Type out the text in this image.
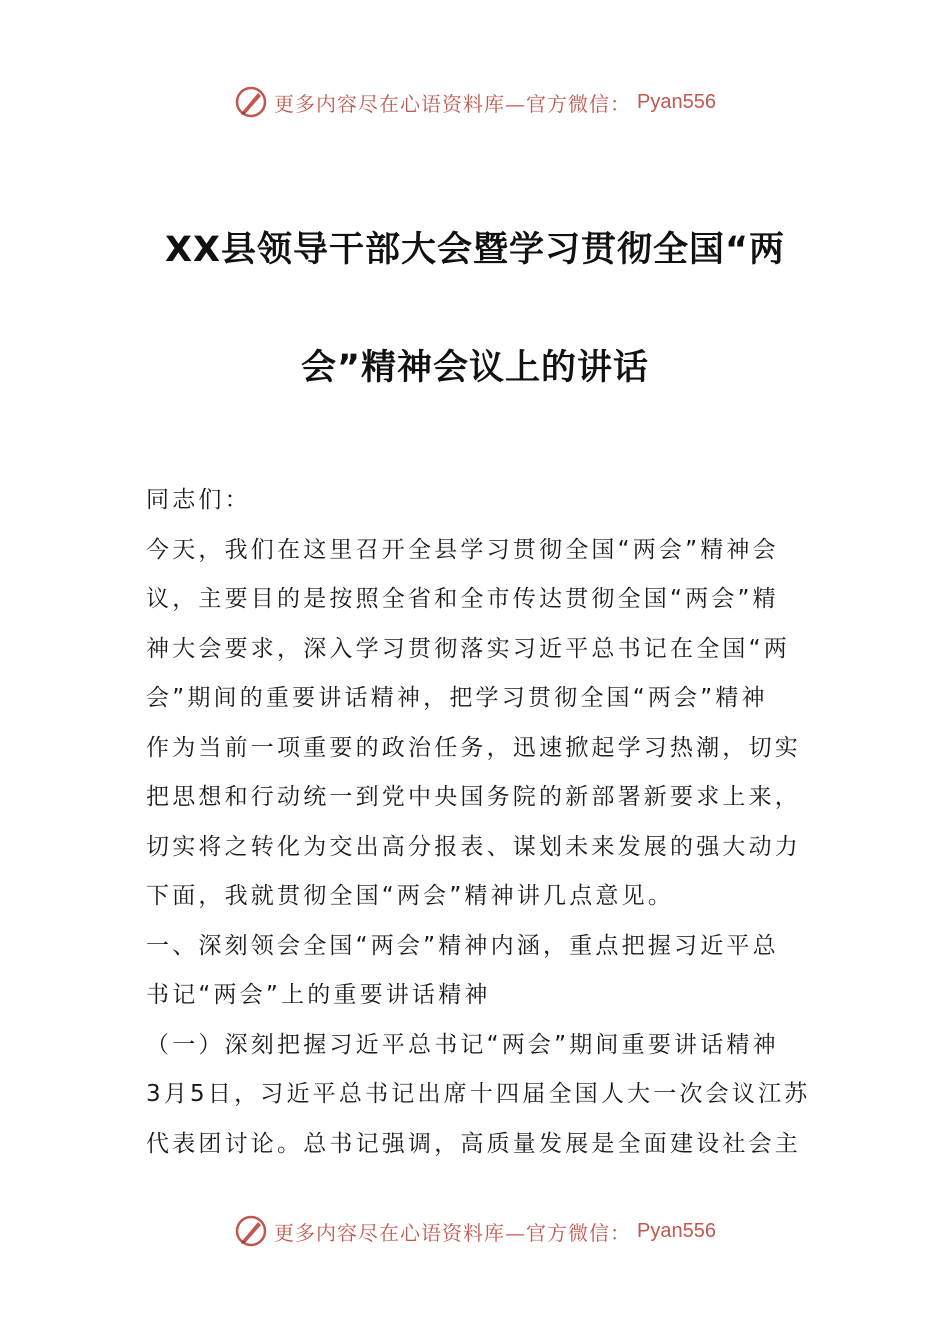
更多内容尽在心语资料库—官方微信： Pyan556
XX县领导干部大会暨学习贯彻全国“两
会”精神会议上的讲话
同志们：
今天，我们在这里召开全县学习贯彻全国“两会”精神会
议，主要目的是按照全省和全市传达贯彻全国“两会”精
神大会要求，深入学习贯彻落实习近平总书记在全国“两
会”期间的重要讲话精神，把学习贯彻全国“两会”精神
作为当前一项重要的政治任务，迅速掀起学习热潮，切实
把思想和行动统一到党中央国务院的新部署新要求上来，
切实将之转化为交出高分报表、谋划未来发展的强大动力
下面，我就贯彻全国“两会”精神讲几点意见。
一、深刻领会全国“两会”精神内涵，重点把握习近平总
书记“两会”上的重要讲话精神
（一）深刻把握习近平总书记“两会”期间重要讲话精神
3月5日，习近平总书记出席十四届全国人大一次会议江苏
代表团讨论。总书记强调，高质量发展是全面建设社会主
更多内容尽在心语资料库—官方微信： Pyan556
